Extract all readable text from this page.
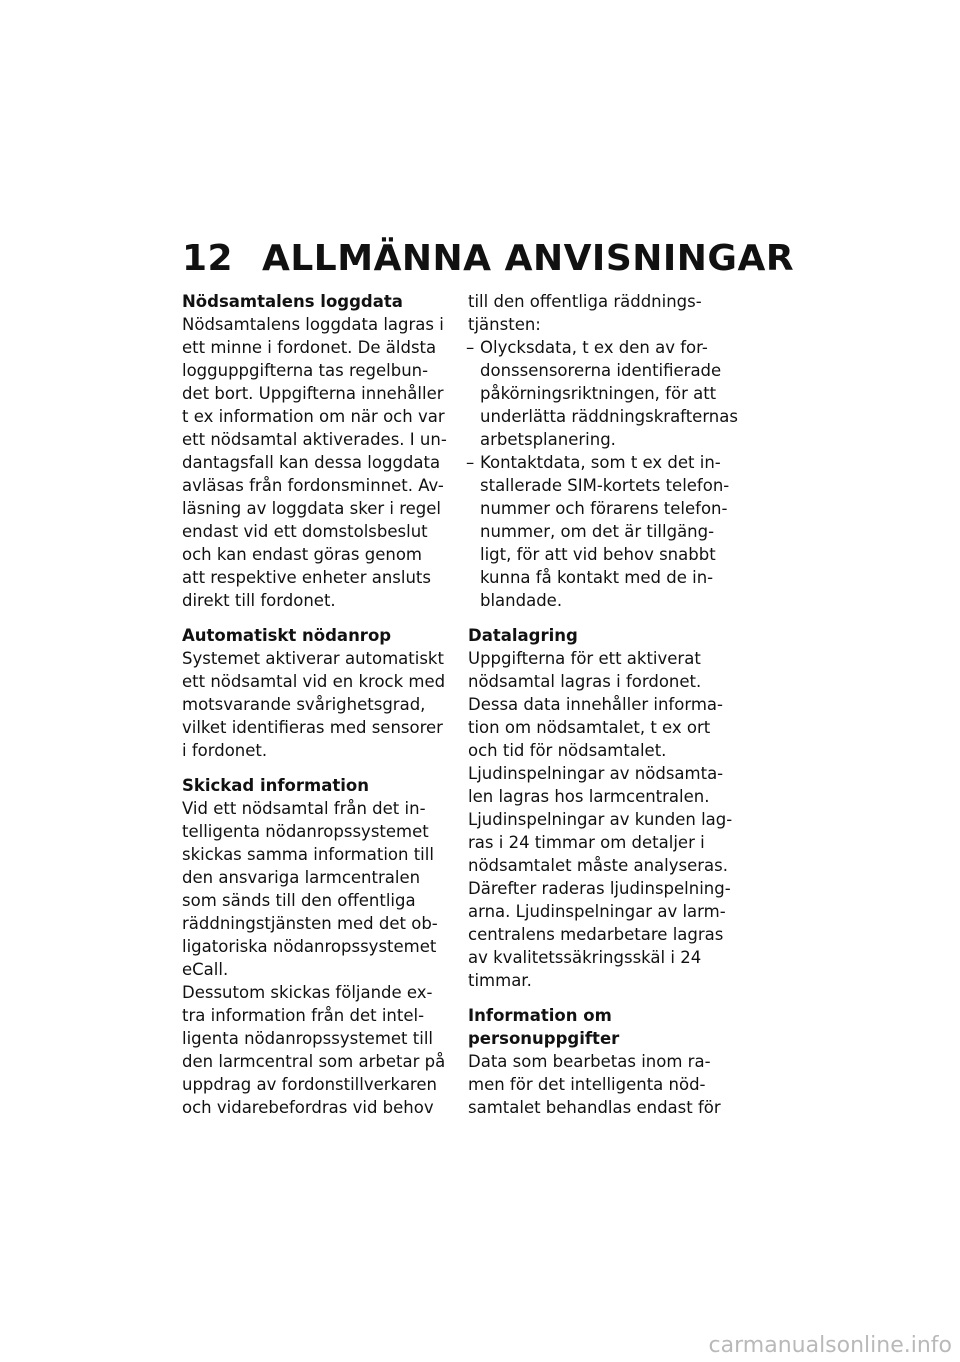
12 ALLMÄNNA ANVISNINGAR
Nödsamtalens loggdata
Nödsamtalens loggdata lagras i
ett minne i fordonet. De äldsta
logguppgifterna tas regelbun-
det bort. Uppgifterna innehåller
t ex information om när och var
ett nödsamtal aktiverades. I un-
dantagsfall kan dessa loggdata
avläsas från fordonsminnet. Av-
läsning av loggdata sker i regel
endast vid ett domstolsbeslut
och kan endast göras genom
att respektive enheter ansluts
direkt till fordonet.
Automatiskt nödanrop
Systemet aktiverar automatiskt
ett nödsamtal vid en krock med
motsvarande svårighetsgrad,
vilket identifieras med sensorer
i fordonet.
Skickad information
Vid ett nödsamtal från det in-
telligenta nödanropssystemet
skickas samma information till
den ansvariga larmcentralen
som sänds till den offentliga
räddningstjänsten med det ob-
ligatoriska nödanropssystemet
eCall.
Dessutom skickas följande ex-
tra information från det intel-
ligenta nödanropssystemet till
den larmcentral som arbetar på
uppdrag av fordonstillverkaren
och vidarebefordras vid behov
till den offentliga räddnings-
tjänsten:
– Olycksdata, t ex den av for-
donssensorerna identifierade
påkörningsriktningen, för att
underlätta räddningskrafternas
arbetsplanering.
– Kontaktdata, som t ex det in-
stallerade SIM-kortets telefon-
nummer och förarens telefon-
nummer, om det är tillgäng-
ligt, för att vid behov snabbt
kunna få kontakt med de in-
blandade.
Datalagring
Uppgifterna för ett aktiverat
nödsamtal lagras i fordonet.
Dessa data innehåller informa-
tion om nödsamtalet, t ex ort
och tid för nödsamtalet.
Ljudinspelningar av nödsamta-
len lagras hos larmcentralen.
Ljudinspelningar av kunden lag-
ras i 24 timmar om detaljer i
nödsamtalet måste analyseras.
Därefter raderas ljudinspelning-
arna. Ljudinspelningar av larm-
centralens medarbetare lagras
av kvalitetssäkringsskäl i 24
timmar.
Information om
personuppgifter
Data som bearbetas inom ra-
men för det intelligenta nöd-
samtalet behandlas endast för
carmanualsonline.info
